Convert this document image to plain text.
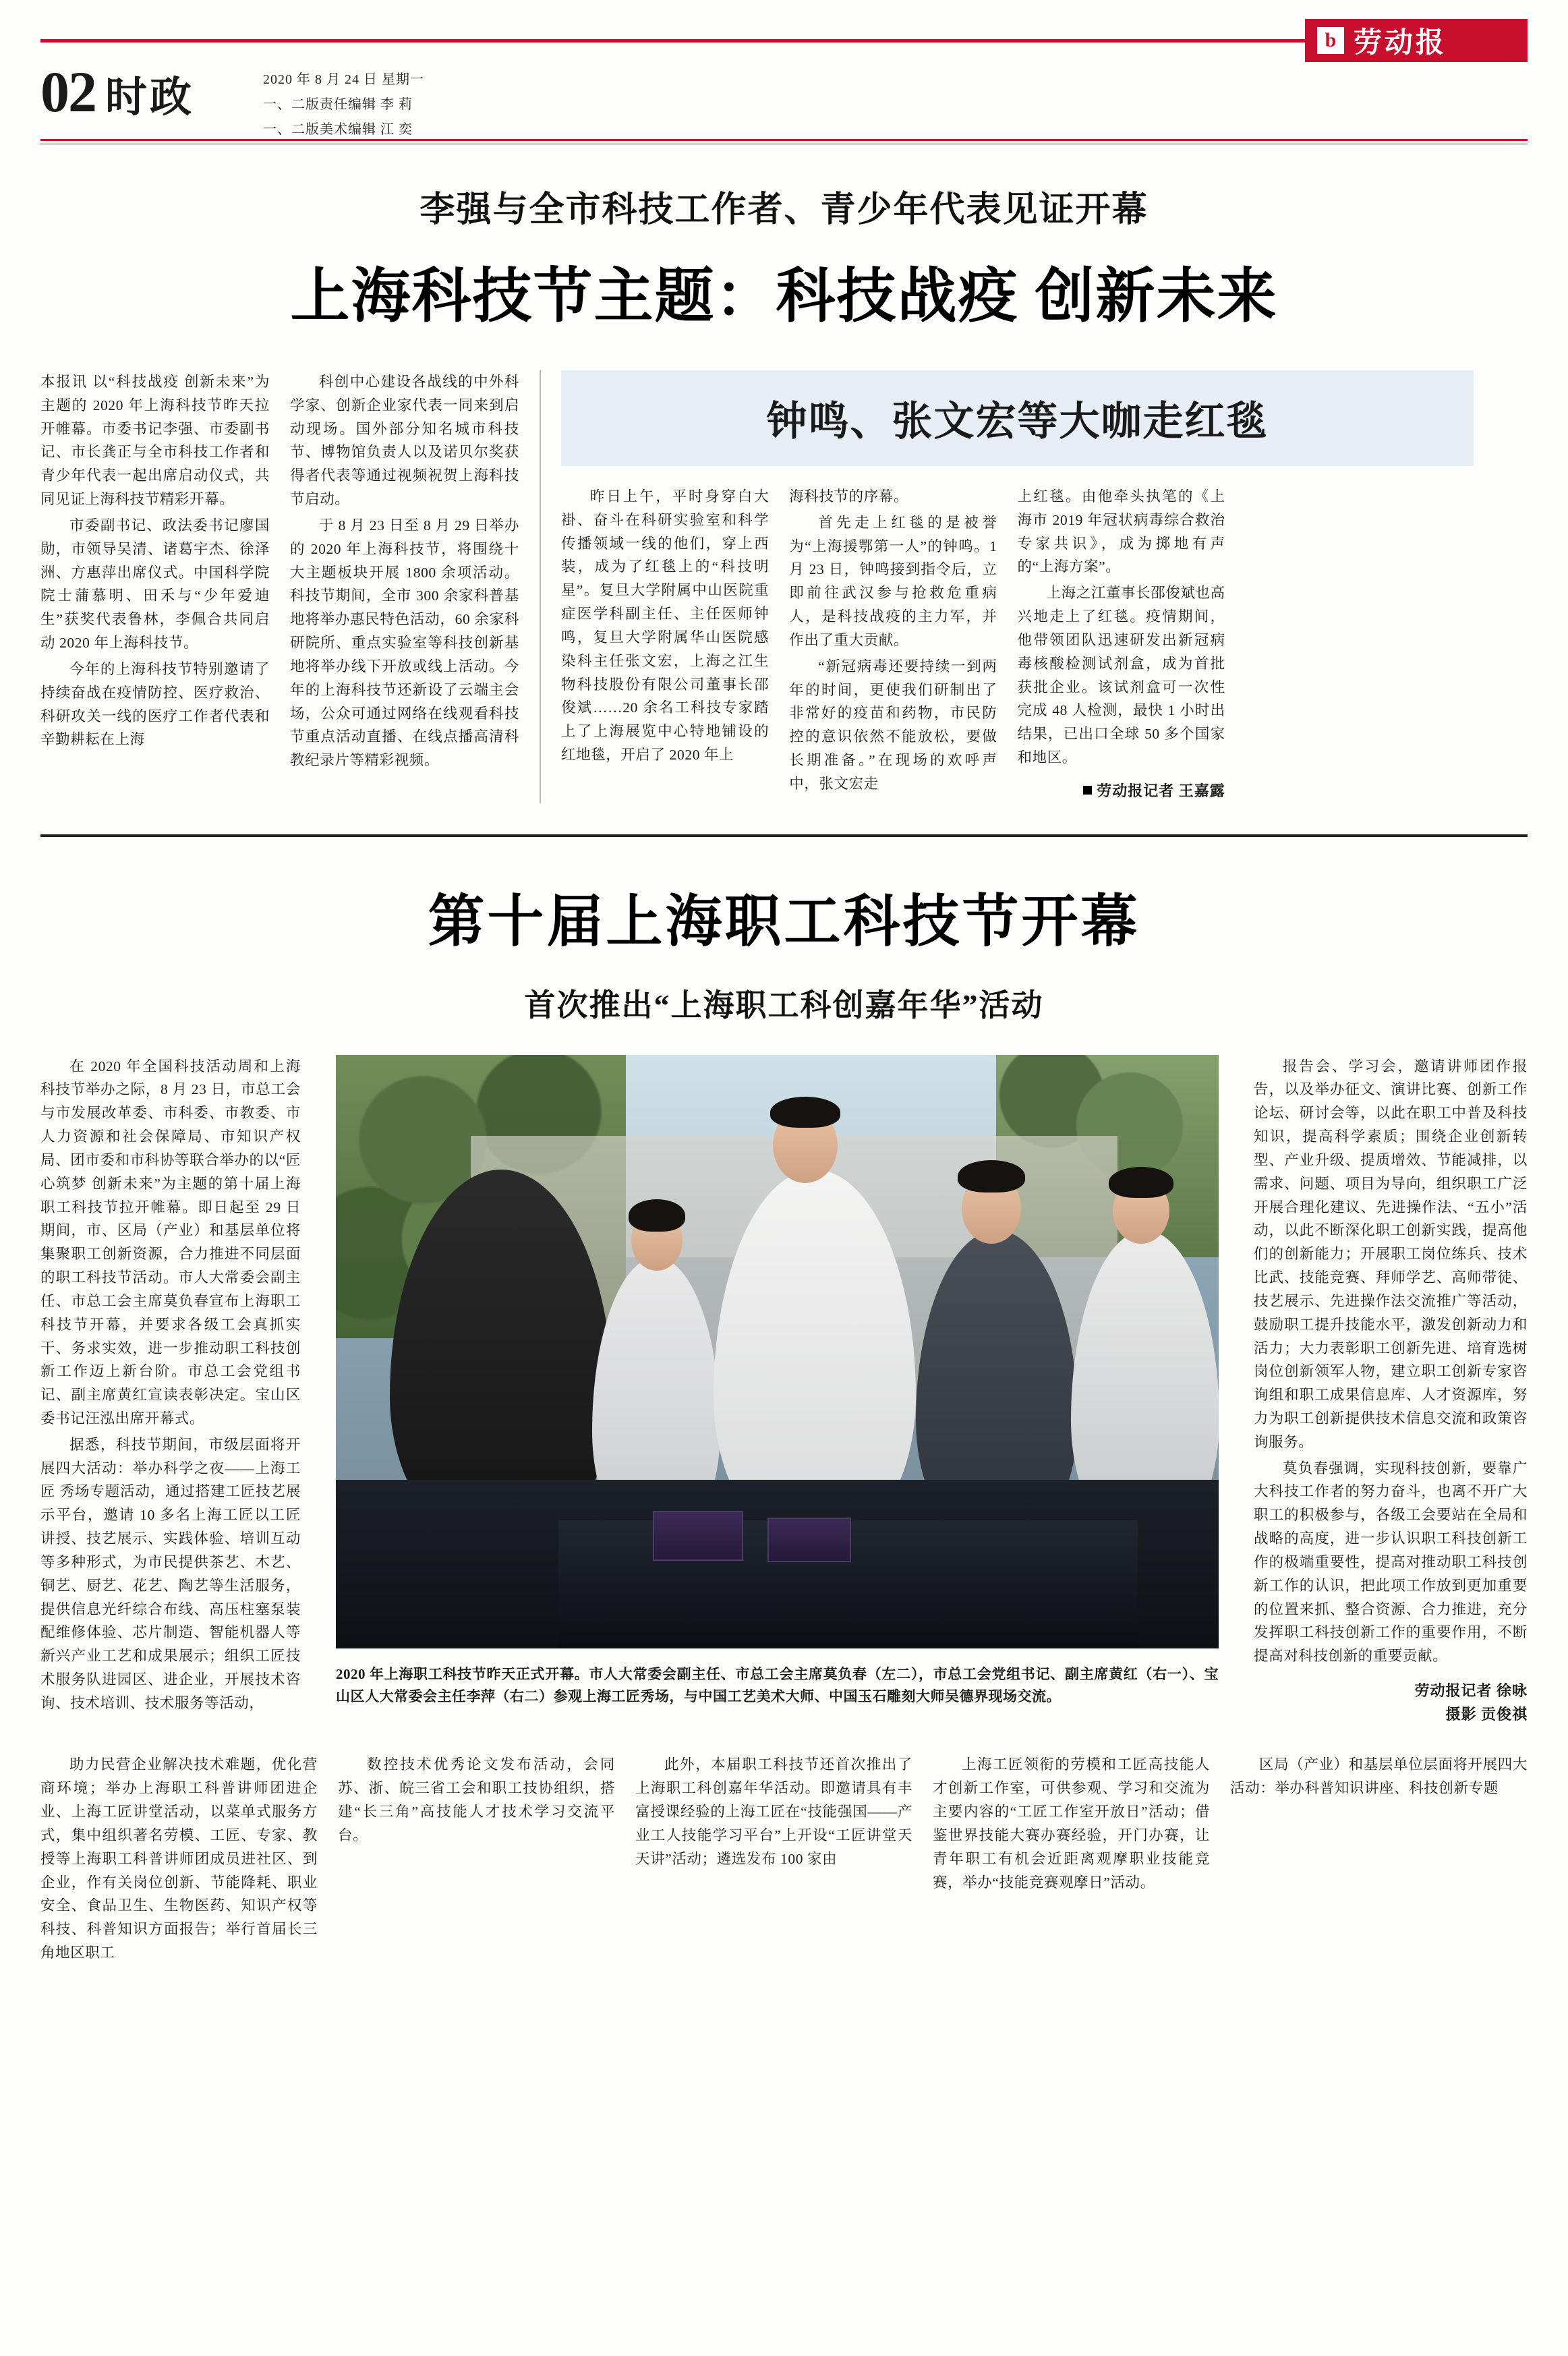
b 劳动报
02 时政	2020 年 8 月 24 日 星期一
一、二版责任编辑 李 莉
一、二版美术编辑 江 奕
李强与全市科技工作者、青少年代表见证开幕
上海科技节主题：科技战疫 创新未来

本报讯 以“科技战疫 创新未来”为主题的 2020 年上海科技节昨天拉开帷幕。市委书记李强、市委副书记、市长龚正与全市科技工作者和青少年代表一起出席启动仪式，共同见证上海科技节精彩开幕。

市委副书记、政法委书记廖国勋，市领导吴清、诸葛宇杰、徐泽洲、方惠萍出席仪式。中国科学院院士蒲慕明、田禾与“少年爱迪生”获奖代表鲁林，李佩合共同启动 2020 年上海科技节。

今年的上海科技节特别邀请了持续奋战在疫情防控、医疗救治、科研攻关一线的医疗工作者代表和辛勤耕耘在上海

科创中心建设各战线的中外科学家、创新企业家代表一同来到启动现场。国外部分知名城市科技节、博物馆负责人以及诺贝尔奖获得者代表等通过视频祝贺上海科技节启动。

于 8 月 23 日至 8 月 29 日举办的 2020 年上海科技节，将围绕十大主题板块开展 1800 余项活动。科技节期间，全市 300 余家科普基地将举办惠民特色活动，60 余家科研院所、重点实验室等科技创新基地将举办线下开放或线上活动。今年的上海科技节还新设了云端主会场，公众可通过网络在线观看科技节重点活动直播、在线点播高清科教纪录片等精彩视频。

钟鸣、张文宏等大咖走红毯

昨日上午，平时身穿白大褂、奋斗在科研实验室和科学传播领域一线的他们，穿上西装，成为了红毯上的“科技明星”。复旦大学附属中山医院重症医学科副主任、主任医师钟鸣，复旦大学附属华山医院感染科主任张文宏，上海之江生物科技股份有限公司董事长邵俊斌……20 余名工科技专家踏上了上海展览中心特地铺设的红地毯，开启了 2020 年上

海科技节的序幕。

首先走上红毯的是被誉为“上海援鄂第一人”的钟鸣。1 月 23 日，钟鸣接到指令后，立即前往武汉参与抢救危重病人，是科技战疫的主力军，并作出了重大贡献。

“新冠病毒还要持续一到两年的时间，更使我们研制出了非常好的疫苗和药物，市民防控的意识依然不能放松，要做长期准备。”在现场的欢呼声中，张文宏走

上红毯。由他牵头执笔的《上海市 2019 年冠状病毒综合救治专家共识》，成为掷地有声的“上海方案”。

上海之江董事长邵俊斌也高兴地走上了红毯。疫情期间，他带领团队迅速研发出新冠病毒核酸检测试剂盒，成为首批获批企业。该试剂盒可一次性完成 48 人检测，最快 1 小时出结果，已出口全球 50 多个国家和地区。

劳动报记者 王嘉露
第十届上海职工科技节开幕
首次推出“上海职工科创嘉年华”活动

在 2020 年全国科技活动周和上海科技节举办之际，8 月 23 日，市总工会与市发展改革委、市科委、市教委、市人力资源和社会保障局、市知识产权局、团市委和市科协等联合举办的以“匠心筑梦 创新未来”为主题的第十届上海职工科技节拉开帷幕。即日起至 29 日期间，市、区局（产业）和基层单位将集聚职工创新资源，合力推进不同层面的职工科技节活动。市人大常委会副主任、市总工会主席莫负春宣布上海职工科技节开幕，并要求各级工会真抓实干、务求实效，进一步推动职工科技创新工作迈上新台阶。市总工会党组书记、副主席黄红宣读表彰决定。宝山区委书记汪泓出席开幕式。

据悉，科技节期间，市级层面将开展四大活动：举办科学之夜——上海工匠 秀场专题活动，通过搭建工匠技艺展示平台，邀请 10 多名上海工匠以工匠讲授、技艺展示、实践体验、培训互动等多种形式，为市民提供茶艺、木艺、铜艺、厨艺、花艺、陶艺等生活服务，提供信息光纤综合布线、高压柱塞泵装配维修体验、芯片制造、智能机器人等新兴产业工艺和成果展示；组织工匠技术服务队进园区、进企业，开展技术咨询、技术培训、技术服务等活动，

2020 年上海职工科技节昨天正式开幕。市人大常委会副主任、市总工会主席莫负春（左二），市总工会党组书记、副主席黄红（右一）、宝山区人大常委会主任李萍（右二）参观上海工匠秀场，与中国工艺美术大师、中国玉石雕刻大师吴德界现场交流。

报告会、学习会，邀请讲师团作报告，以及举办征文、演讲比赛、创新工作论坛、研讨会等，以此在职工中普及科技知识，提高科学素质；围绕企业创新转型、产业升级、提质增效、节能减排，以需求、问题、项目为导向，组织职工广泛开展合理化建议、先进操作法、“五小”活动，以此不断深化职工创新实践，提高他们的创新能力；开展职工岗位练兵、技术比武、技能竞赛、拜师学艺、高师带徒、技艺展示、先进操作法交流推广等活动，鼓励职工提升技能水平，激发创新动力和活力；大力表彰职工创新先进、培育选树岗位创新领军人物，建立职工创新专家咨询组和职工成果信息库、人才资源库，努力为职工创新提供技术信息交流和政策咨询服务。

莫负春强调，实现科技创新，要靠广大科技工作者的努力奋斗，也离不开广大职工的积极参与，各级工会要站在全局和战略的高度，进一步认识职工科技创新工作的极端重要性，提高对推动职工科技创新工作的认识，把此项工作放到更加重要的位置来抓、整合资源、合力推进，充分发挥职工科技创新工作的重要作用，不断提高对科技创新的重要贡献。

劳动报记者 徐咏
摄影 贡俊祺

助力民营企业解决技术难题，优化营商环境；举办上海职工科普讲师团进企业、上海工匠讲堂活动，以菜单式服务方式，集中组织著名劳模、工匠、专家、教授等上海职工科普讲师团成员进社区、到企业，作有关岗位创新、节能降耗、职业安全、食品卫生、生物医药、知识产权等科技、科普知识方面报告；举行首届长三角地区职工

数控技术优秀论文发布活动，会同苏、浙、皖三省工会和职工技协组织，搭建“长三角”高技能人才技术学习交流平台。

此外，本届职工科技节还首次推出了上海职工科创嘉年华活动。即邀请具有丰富授课经验的上海工匠在“技能强国——产业工人技能学习平台”上开设“工匠讲堂天天讲”活动；遴选发布 100 家由

上海工匠领衔的劳模和工匠高技能人才创新工作室，可供参观、学习和交流为主要内容的“工匠工作室开放日”活动；借鉴世界技能大赛办赛经验，开门办赛，让青年职工有机会近距离观摩职业技能竞赛，举办“技能竞赛观摩日”活动。

区局（产业）和基层单位层面将开展四大活动：举办科普知识讲座、科技创新专题
